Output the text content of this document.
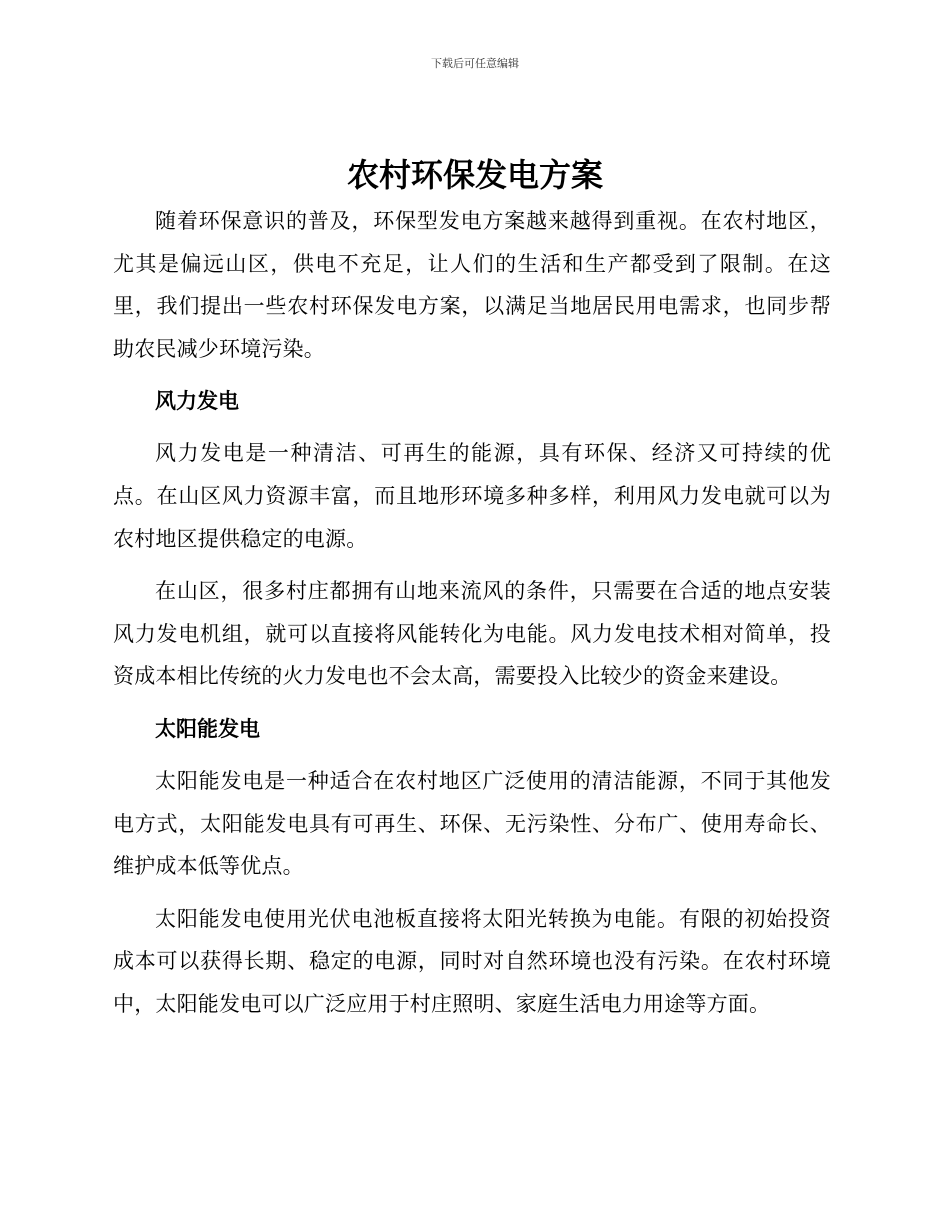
下载后可任意编辑
农村环保发电方案

随着环保意识的普及，环保型发电方案越来越得到重视。在农村地区，尤其是偏远山区，供电不充足，让人们的生活和生产都受到了限制。在这里，我们提出一些农村环保发电方案，以满足当地居民用电需求，也同步帮助农民减少环境污染。

风力发电

风力发电是一种清洁、可再生的能源，具有环保、经济又可持续的优点。在山区风力资源丰富，而且地形环境多种多样，利用风力发电就可以为农村地区提供稳定的电源。

在山区，很多村庄都拥有山地来流风的条件，只需要在合适的地点安装风力发电机组，就可以直接将风能转化为电能。风力发电技术相对简单，投资成本相比传统的火力发电也不会太高，需要投入比较少的资金来建设。

太阳能发电

太阳能发电是一种适合在农村地区广泛使用的清洁能源，不同于其他发电方式，太阳能发电具有可再生、环保、无污染性、分布广、使用寿命长、维护成本低等优点。

太阳能发电使用光伏电池板直接将太阳光转换为电能。有限的初始投资成本可以获得长期、稳定的电源，同时对自然环境也没有污染。在农村环境中，太阳能发电可以广泛应用于村庄照明、家庭生活电力用途等方面。
